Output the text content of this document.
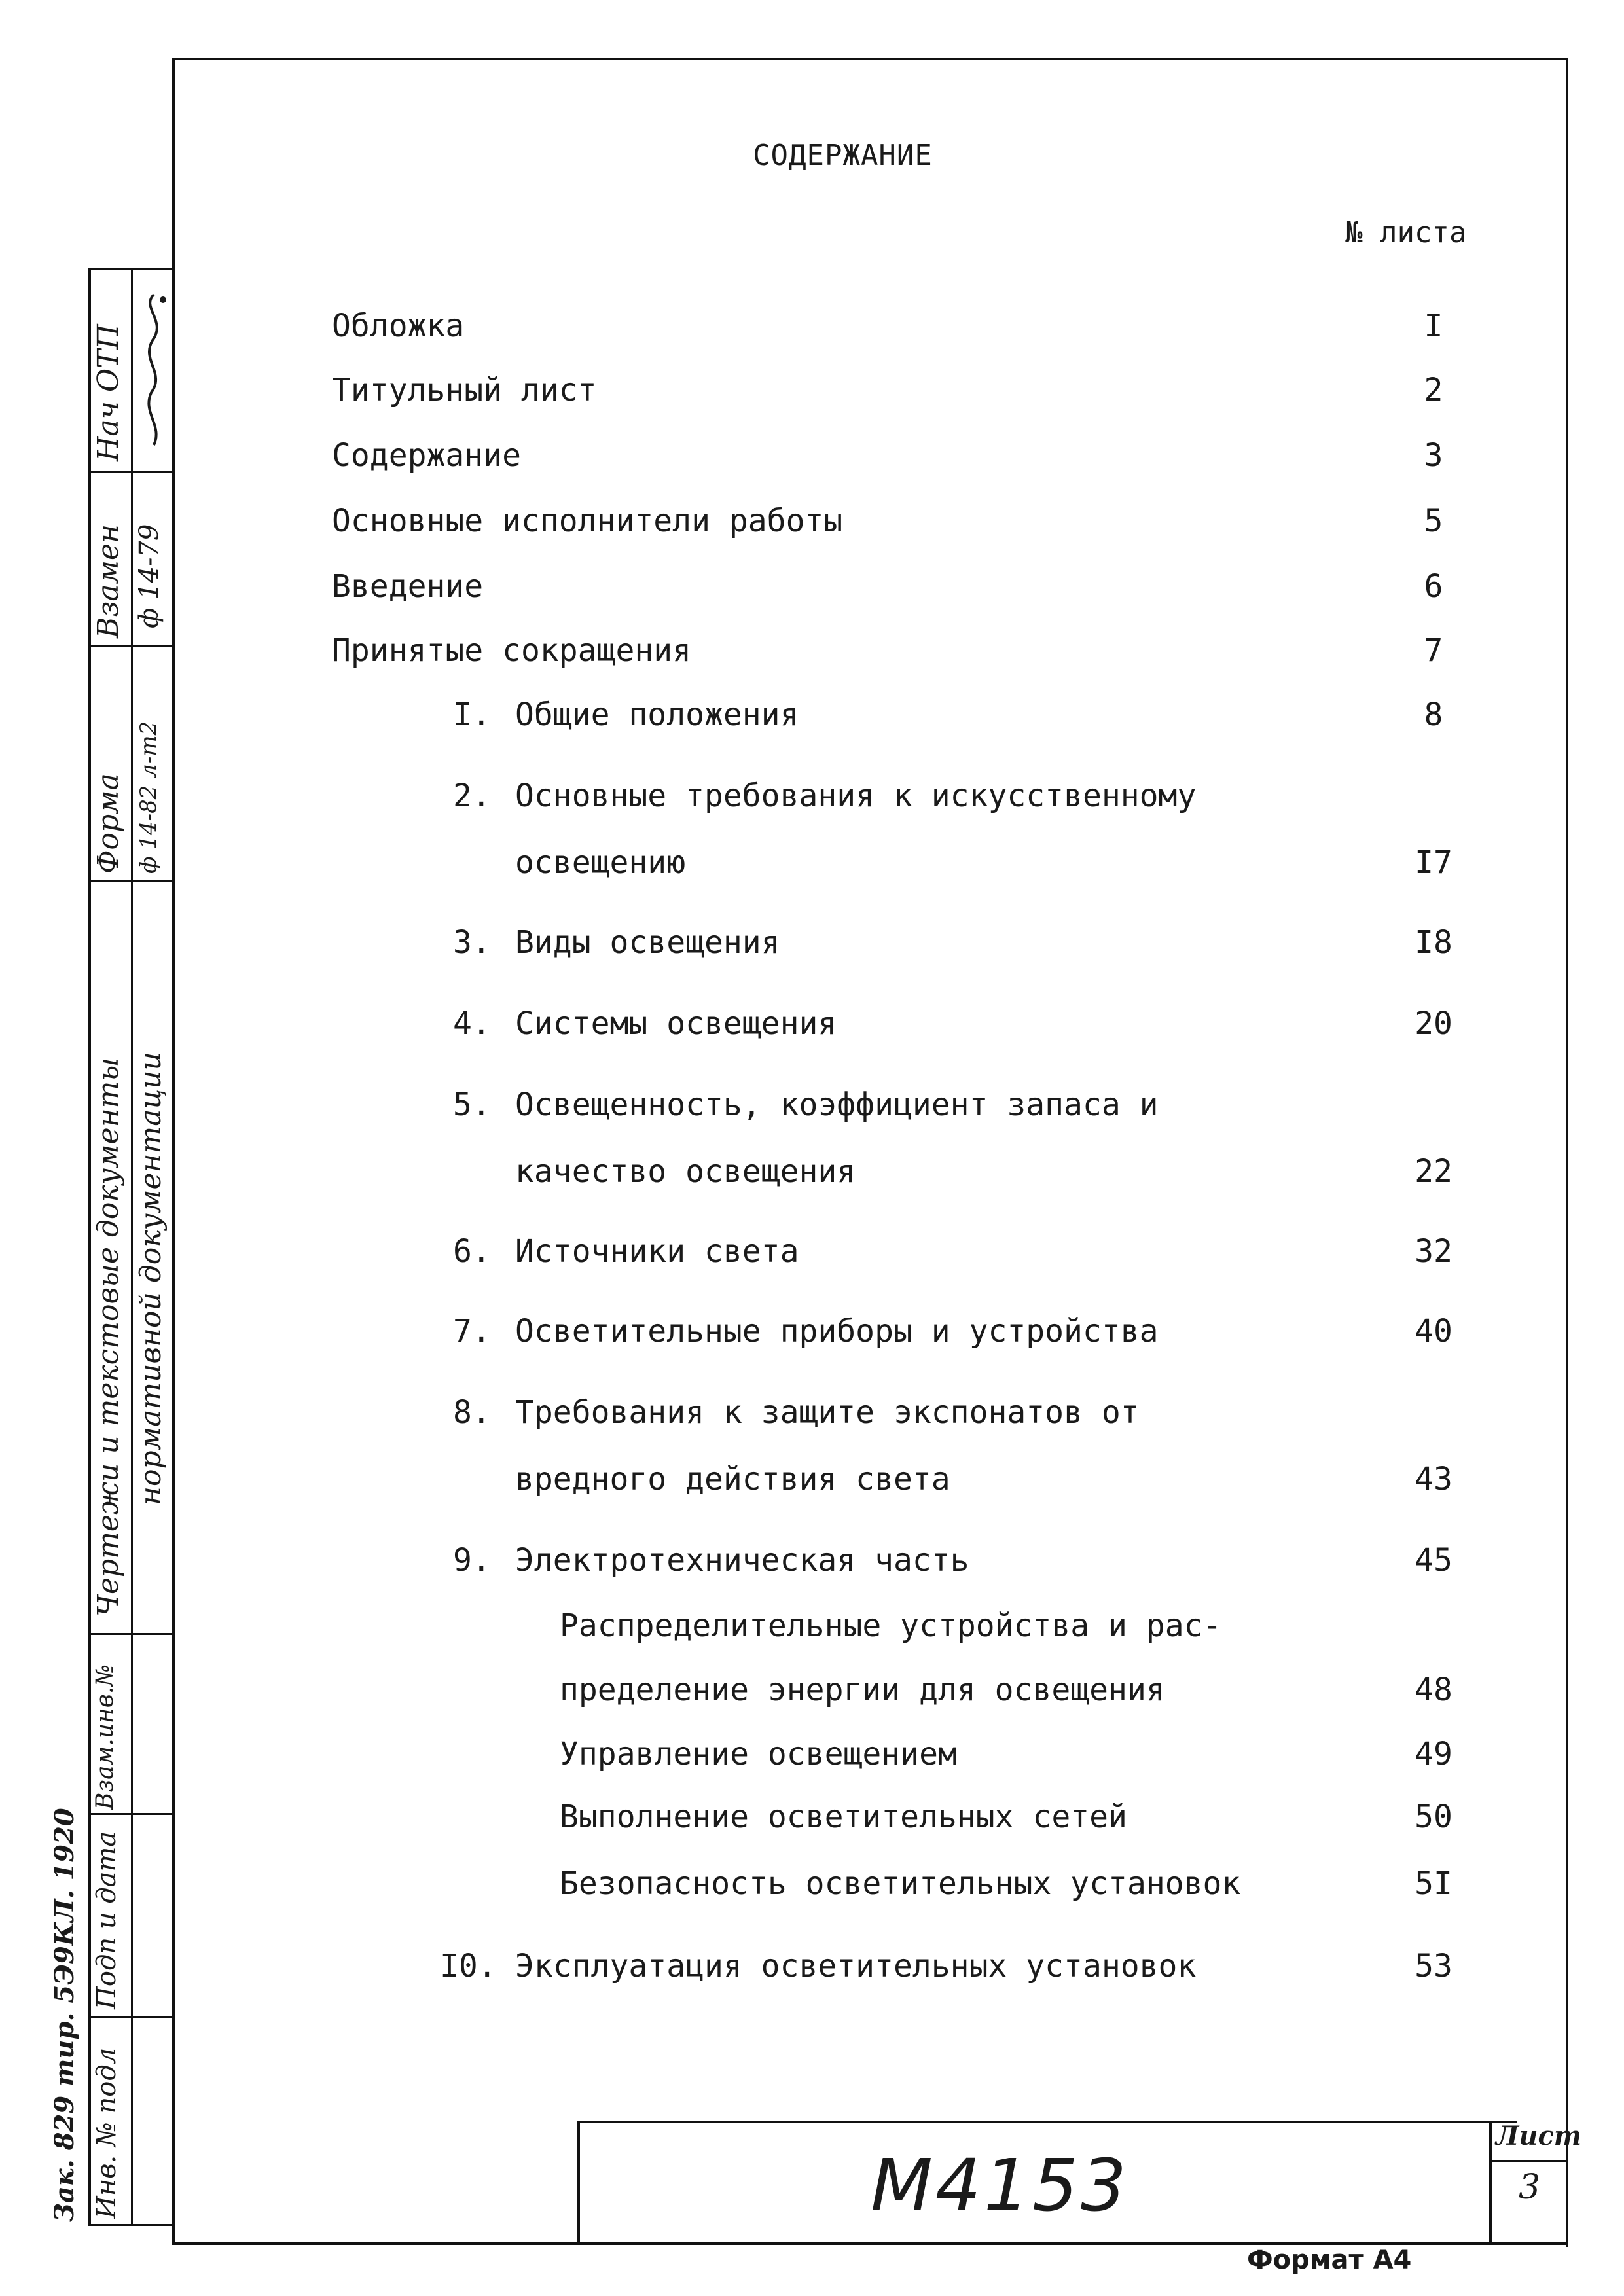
СОДЕРЖАНИЕ
№ листа
Обложка	I
Титульный лист	2
Содержание	3
Основные исполнители работы	5
Введение	6
Принятые сокращения	7
I. Общие положения	8
2. Основные требования к искусственному
освещению	I7
3. Виды освещения	I8
4. Системы освещения	20
5. Освещенность, коэффициент запаса и
качество освещения	22
6. Источники света	32
7. Осветительные приборы и устройства	40
8. Требования к защите экспонатов от
вредного действия света	43
9. Электротехническая часть	45
Распределительные устройства и рас-
пределение энергии для освещения	48
Управление освещением	49
Выполнение осветительных сетей	50
Безопасность осветительных установок	5I
I0. Эксплуатация осветительных установок	53
Нач ОТП
Взамен ф 14-79
Форма ф 14-82 л-т2
Чертежи и текстовые документы нормативной документации
Взам.инв.№
Подп и дата
Инв. № подл
Зак. 829 тир. 5Э9КЛ. 1920	M4153
Лист
3
Формат А4
